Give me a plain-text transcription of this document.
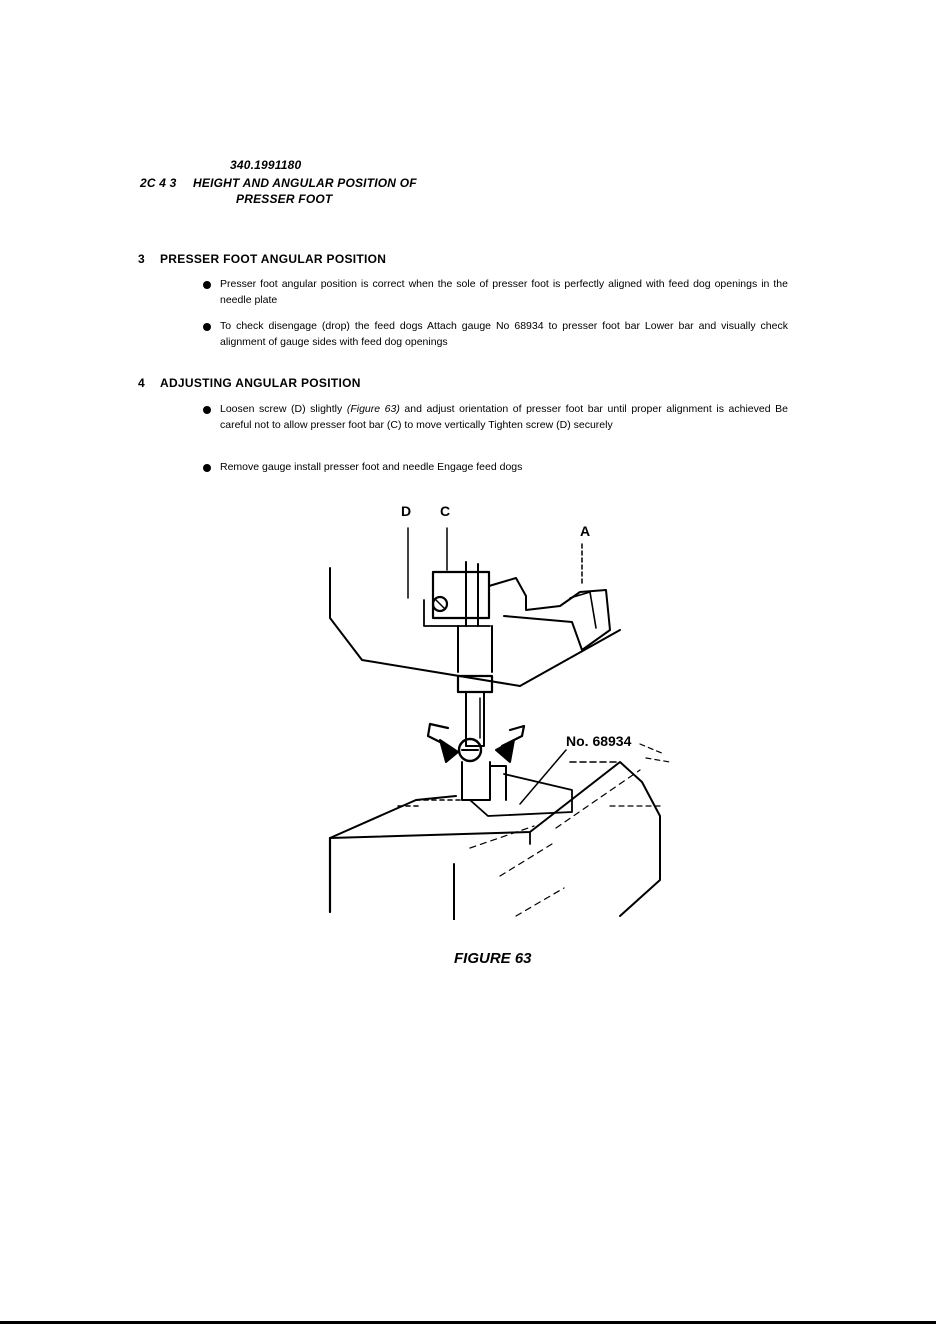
340.1991180
2C 4 3 HEIGHT AND ANGULAR POSITION OF
PRESSER FOOT
3 PRESSER FOOT ANGULAR POSITION
Presser foot angular position is correct when the sole of presser foot is perfectly aligned with feed dog openings in the needle plate
To check disengage (drop) the feed dogs Attach gauge No 68934 to presser foot bar Lower bar and visually check alignment of gauge sides with feed dog openings
4 ADJUSTING ANGULAR POSITION
Loosen screw (D) slightly (Figure 63) and adjust orientation of presser foot bar until proper alignment is achieved Be careful not to allow presser foot bar (C) to move vertically Tighten screw (D) securely
Remove gauge install presser foot and needle Engage feed dogs
D C
A
No. 68934
FIGURE 63
